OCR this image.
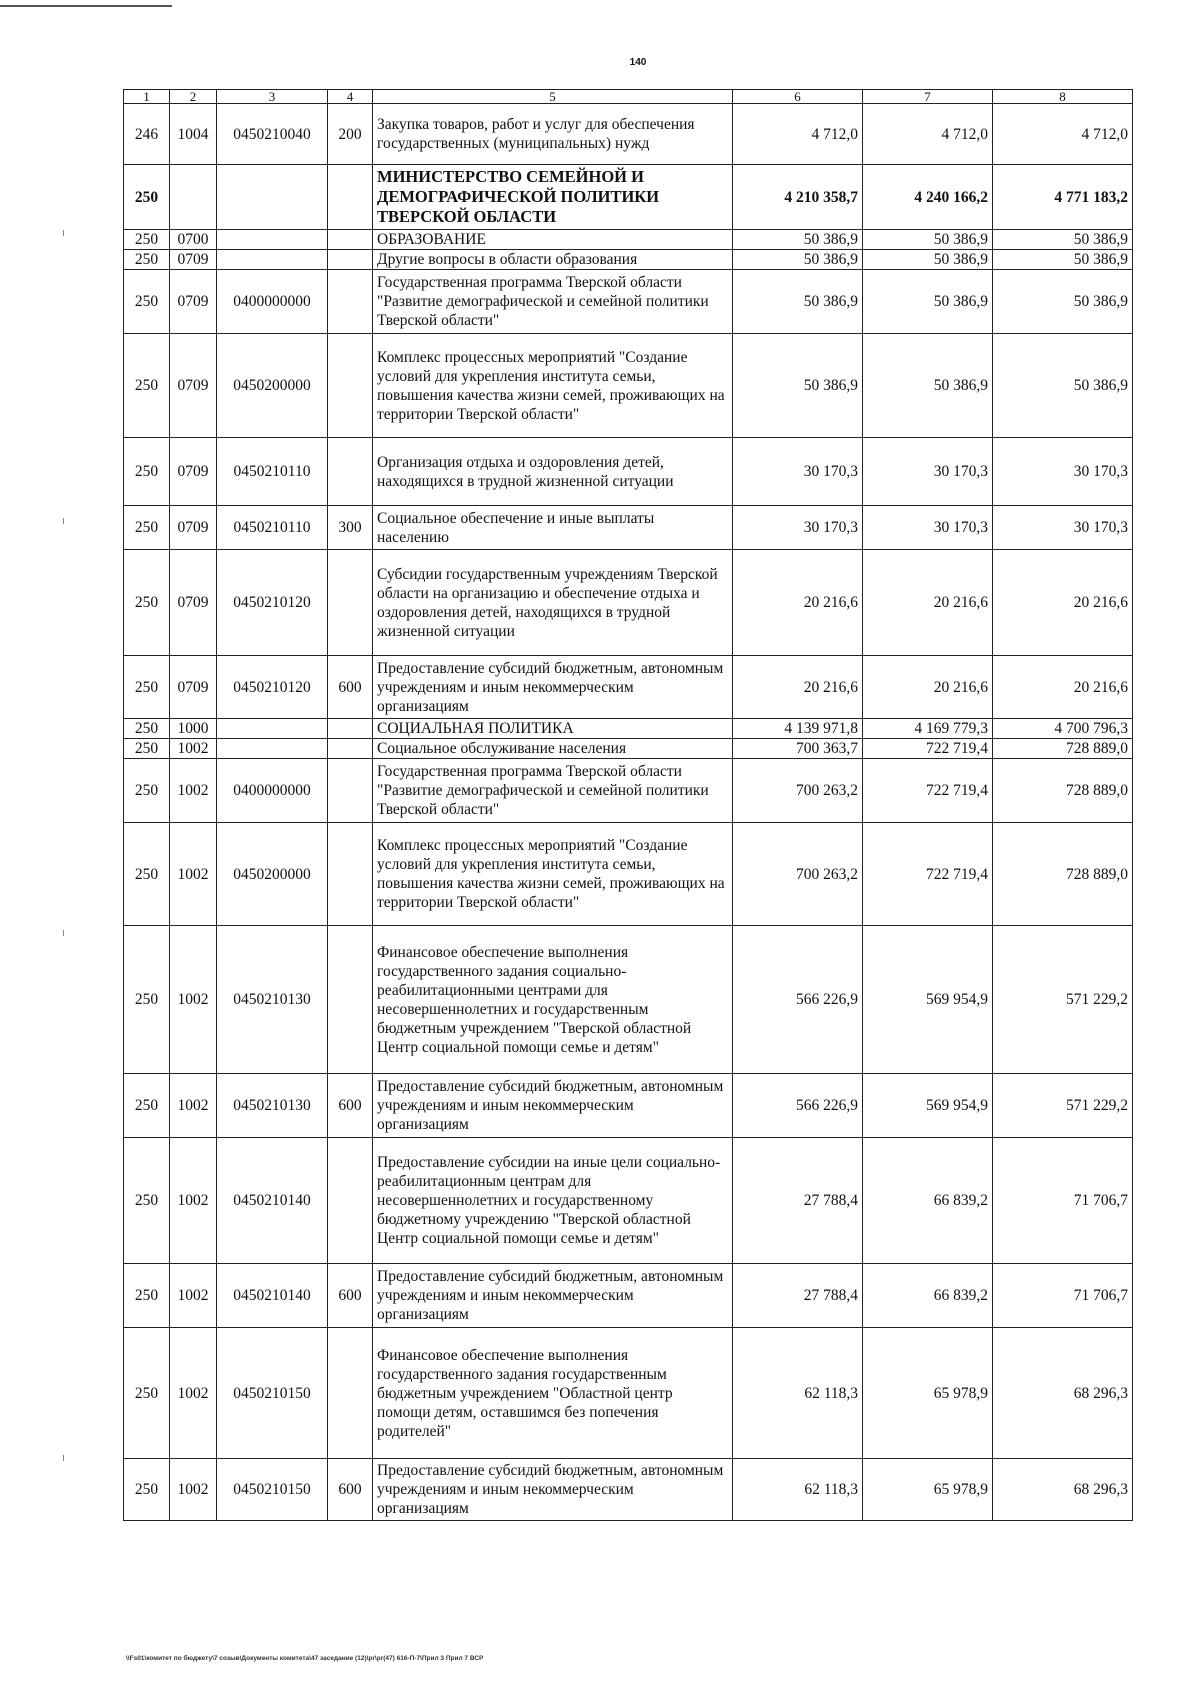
140
1	2	3	4	5	6	7	8
246	1004	0450210040	200	Закупка товаров, работ и услуг для обеспечения государственных (муниципальных) нужд	4 712,0	4 712,0	4 712,0
250				МИНИСТЕРСТВО СЕМЕЙНОЙ И ДЕМОГРАФИЧЕСКОЙ ПОЛИТИКИ ТВЕРСКОЙ ОБЛАСТИ	4 210 358,7	4 240 166,2	4 771 183,2
250	0700			ОБРАЗОВАНИЕ	50 386,9	50 386,9	50 386,9
250	0709			Другие вопросы в области образования	50 386,9	50 386,9	50 386,9
250	0709	0400000000		Государственная программа Тверской области "Развитие демографической и семейной политики Тверской области"	50 386,9	50 386,9	50 386,9
250	0709	0450200000		Комплекс процессных мероприятий "Создание условий для укрепления института семьи, повышения качества жизни семей, проживающих на территории Тверской области"	50 386,9	50 386,9	50 386,9
250	0709	0450210110		Организация отдыха и оздоровления детей, находящихся в трудной жизненной ситуации	30 170,3	30 170,3	30 170,3
250	0709	0450210110	300	Социальное обеспечение и иные выплаты населению	30 170,3	30 170,3	30 170,3
250	0709	0450210120		Субсидии государственным учреждениям Тверской области на организацию и обеспечение отдыха и оздоровления детей, находящихся в трудной жизненной ситуации	20 216,6	20 216,6	20 216,6
250	0709	0450210120	600	Предоставление субсидий бюджетным, автономным учреждениям и иным некоммерческим организациям	20 216,6	20 216,6	20 216,6
250	1000			СОЦИАЛЬНАЯ ПОЛИТИКА	4 139 971,8	4 169 779,3	4 700 796,3
250	1002			Социальное обслуживание населения	700 363,7	722 719,4	728 889,0
250	1002	0400000000		Государственная программа Тверской области "Развитие демографической и семейной политики Тверской области"	700 263,2	722 719,4	728 889,0
250	1002	0450200000		Комплекс процессных мероприятий "Создание условий для укрепления института семьи, повышения качества жизни семей, проживающих на территории Тверской области"	700 263,2	722 719,4	728 889,0
250	1002	0450210130		Финансовое обеспечение выполнения государственного задания социально-реабилитационными центрами для несовершеннолетних и государственным бюджетным учреждением "Тверской областной Центр социальной помощи семье и детям"	566 226,9	569 954,9	571 229,2
250	1002	0450210130	600	Предоставление субсидий бюджетным, автономным учреждениям и иным некоммерческим организациям	566 226,9	569 954,9	571 229,2
250	1002	0450210140		Предоставление субсидии на иные цели социально-реабилитационным центрам для несовершеннолетних и государственному бюджетному учреждению "Тверской областной Центр социальной помощи семье и детям"	27 788,4	66 839,2	71 706,7
250	1002	0450210140	600	Предоставление субсидий бюджетным, автономным учреждениям и иным некоммерческим организациям	27 788,4	66 839,2	71 706,7
250	1002	0450210150		Финансовое обеспечение выполнения государственного задания государственным бюджетным учреждением "Областной центр помощи детям, оставшимся без попечения родителей"	62 118,3	65 978,9	68 296,3
250	1002	0450210150	600	Предоставление субсидий бюджетным, автономным учреждениям и иным некоммерческим организациям	62 118,3	65 978,9	68 296,3
\\Fs01\комитет по бюджету\7 созыв\Документы комитета\47 заседание (12)\pr\pr(47) 616-П-7\Прил 3 Прил 7 ВСР
